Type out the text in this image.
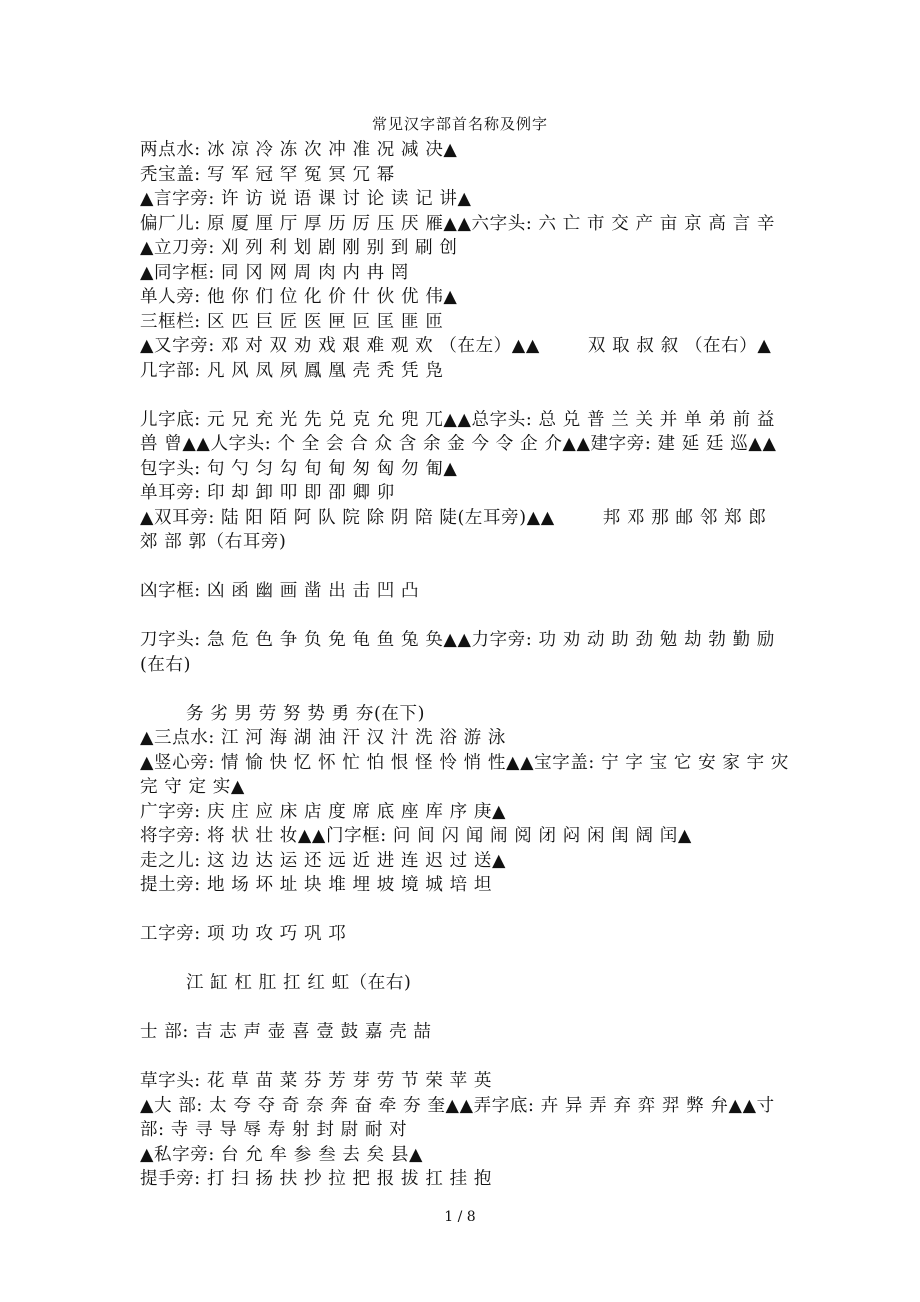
常见汉字部首名称及例字

两点水: 冰 凉 冷 冻 次 冲 准 况 减 决▲

秃宝盖: 写 军 冠 罕 冤 冥 冗 幂

▲言字旁: 许 访 说 语 课 讨 论 读 记 讲▲

偏厂儿: 原 厦 厘 厅 厚 历 厉 压 厌 雁▲▲六字头: 六 亡 市 交 产 亩 京 高 言 辛

▲立刀旁: 刈 列 利 划 剧 刚 别 到 刷 创

▲同字框: 同 冈 网 周 肉 内 冉 罔

单人旁: 他 你 们 位 化 价 什 伙 优 伟▲

三框栏: 区 匹 巨 匠 医 匣 叵 匡 匪 匝

▲又字旁: 邓 对 双 劝 戏 艰 难 观 欢 （在左）▲▲	双 取 叔 叙 （在右）▲

几字部: 凡 风 凤 夙 鳳 凰 壳 秃 凭 凫

儿字底: 元 兄 充 光 先 兑 克 允 兜 兀▲▲总字头: 总 兑 普 兰 关 并 单 弟 前 益 兽 曾▲▲人字头: 个 全 会 合 众 含 余 金 今 令 企 介▲▲建字旁: 建 延 廷 巡▲▲

包字头: 句 勺 匀 勾 旬 甸 匆 匈 勿 匍▲

单耳旁: 印 却 卸 叩 即 卲 卿 卯

▲双耳旁: 陆 阳 陌 阿 队 院 除 阴 陪 陡(左耳旁)▲▲	邦 邓 那 邮 邻 郑 郎 郊 部 郭（右耳旁)

凶字框: 凶 函 幽 画 凿 出 击 凹 凸

刀字头: 急 危 色 争 负 免 龟 鱼 兔 奂▲▲力字旁: 功 劝 动 助 劲 勉 劫 勃 勤 励(在右)

务 劣 男 劳 努 势 勇 夯(在下)

▲三点水: 江 河 海 湖 油 汗 汉 汁 洗 浴 游 泳

▲竖心旁: 情 愉 快 忆 怀 忙 怕 恨 怪 怜 悄 性▲▲宝字盖: 宁 字 宝 它 安 家 宇 灾 完 守 定 实▲

广字旁: 庆 庄 应 床 店 度 席 底 座 库 序 庚▲

将字旁: 将 状 壮 妆▲▲门字框: 问 间 闪 闻 闹 阅 闭 闷 闲 闺 阔 闰▲

走之儿: 这 边 达 运 还 远 近 进 连 迟 过 送▲

提土旁: 地 场 坏 址 块 堆 埋 坡 境 城 培 坦

工字旁: 项 功 攻 巧 巩 邛

江 缸 杠 肛 扛 红 虹（在右)

士 部: 吉 志 声 壶 喜 壹 鼓 嘉 壳 喆

草字头: 花 草 苗 菜 芬 芳 芽 劳 节 荣 苹 英

▲大 部: 太 夸 夺 奇 奈 奔 奋 牵 夯 奎▲▲弄字底: 卉 异 弄 弃 弈 羿 弊 弁▲▲寸 部: 寺 寻 导 辱 寿 射 封 尉 耐 对

▲私字旁: 台 允 牟 参 叁 去 矣 县▲

提手旁: 打 扫 扬 扶 抄 拉 把 报 拔 扛 挂 抱

1 / 8
